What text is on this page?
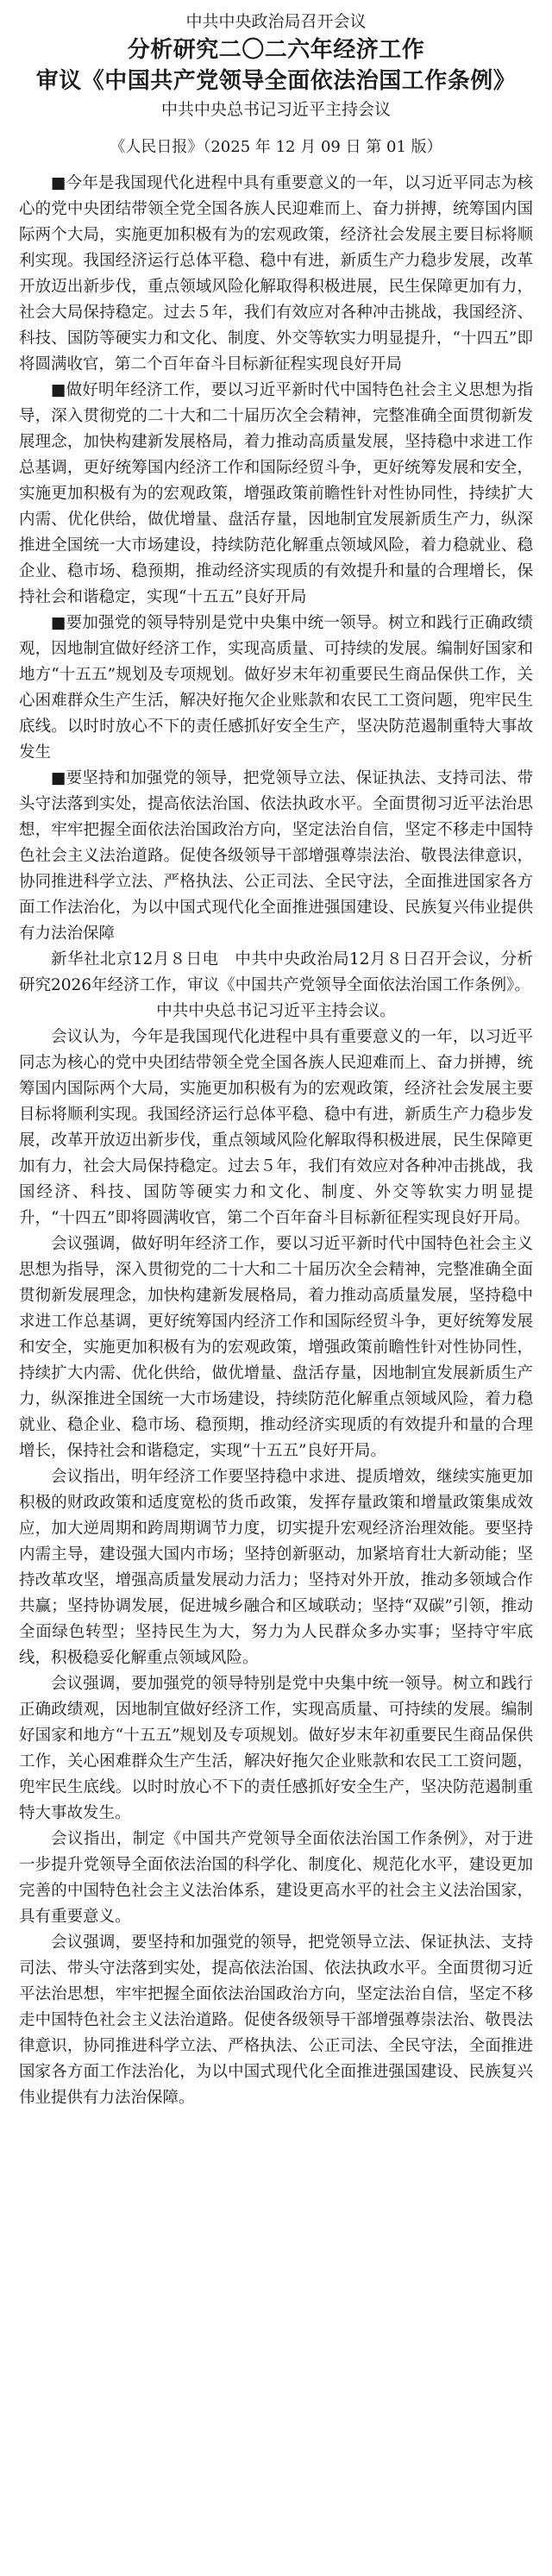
中共中央政治局召开会议

分析研究二〇二六年经济工作

审议《中国共产党领导全面依法治国工作条例》

中共中央总书记习近平主持会议

《人民日报》（2025 年 12 月 09 日 第 01 版）

■今年是我国现代化进程中具有重要意义的一年，以习近平同志为核心的党中央团结带领全党全国各族人民迎难而上、奋力拼搏，统筹国内国际两个大局，实施更加积极有为的宏观政策，经济社会发展主要目标将顺利实现。我国经济运行总体平稳、稳中有进，新质生产力稳步发展，改革开放迈出新步伐，重点领域风险化解取得积极进展，民生保障更加有力，社会大局保持稳定。过去５年，我们有效应对各种冲击挑战，我国经济、科技、国防等硬实力和文化、制度、外交等软实力明显提升，“十四五”即将圆满收官，第二个百年奋斗目标新征程实现良好开局

■做好明年经济工作，要以习近平新时代中国特色社会主义思想为指导，深入贯彻党的二十大和二十届历次全会精神，完整准确全面贯彻新发展理念，加快构建新发展格局，着力推动高质量发展，坚持稳中求进工作总基调，更好统筹国内经济工作和国际经贸斗争，更好统筹发展和安全，实施更加积极有为的宏观政策，增强政策前瞻性针对性协同性，持续扩大内需、优化供给，做优增量、盘活存量，因地制宜发展新质生产力，纵深推进全国统一大市场建设，持续防范化解重点领域风险，着力稳就业、稳企业、稳市场、稳预期，推动经济实现质的有效提升和量的合理增长，保持社会和谐稳定，实现“十五五”良好开局

■要加强党的领导特别是党中央集中统一领导。树立和践行正确政绩观，因地制宜做好经济工作，实现高质量、可持续的发展。编制好国家和地方“十五五”规划及专项规划。做好岁末年初重要民生商品保供工作，关心困难群众生产生活，解决好拖欠企业账款和农民工工资问题，兜牢民生底线。以时时放心不下的责任感抓好安全生产，坚决防范遏制重特大事故发生

■要坚持和加强党的领导，把党领导立法、保证执法、支持司法、带头守法落到实处，提高依法治国、依法执政水平。全面贯彻习近平法治思想，牢牢把握全面依法治国政治方向，坚定法治自信，坚定不移走中国特色社会主义法治道路。促使各级领导干部增强尊崇法治、敬畏法律意识，协同推进科学立法、严格执法、公正司法、全民守法，全面推进国家各方面工作法治化，为以中国式现代化全面推进强国建设、民族复兴伟业提供有力法治保障

新华社北京12月８日电　中共中央政治局12月８日召开会议，分析研究2026年经济工作，审议《中国共产党领导全面依法治国工作条例》。

中共中央总书记习近平主持会议。

会议认为，今年是我国现代化进程中具有重要意义的一年，以习近平同志为核心的党中央团结带领全党全国各族人民迎难而上、奋力拼搏，统筹国内国际两个大局，实施更加积极有为的宏观政策，经济社会发展主要目标将顺利实现。我国经济运行总体平稳、稳中有进，新质生产力稳步发展，改革开放迈出新步伐，重点领域风险化解取得积极进展，民生保障更加有力，社会大局保持稳定。过去５年，我们有效应对各种冲击挑战，我国经济、科技、国防等硬实力和文化、制度、外交等软实力明显提升，“十四五”即将圆满收官，第二个百年奋斗目标新征程实现良好开局。

会议强调，做好明年经济工作，要以习近平新时代中国特色社会主义思想为指导，深入贯彻党的二十大和二十届历次全会精神，完整准确全面贯彻新发展理念，加快构建新发展格局，着力推动高质量发展，坚持稳中求进工作总基调，更好统筹国内经济工作和国际经贸斗争，更好统筹发展和安全，实施更加积极有为的宏观政策，增强政策前瞻性针对性协同性，持续扩大内需、优化供给，做优增量、盘活存量，因地制宜发展新质生产力，纵深推进全国统一大市场建设，持续防范化解重点领域风险，着力稳就业、稳企业、稳市场、稳预期，推动经济实现质的有效提升和量的合理增长，保持社会和谐稳定，实现“十五五”良好开局。

会议指出，明年经济工作要坚持稳中求进、提质增效，继续实施更加积极的财政政策和适度宽松的货币政策，发挥存量政策和增量政策集成效应，加大逆周期和跨周期调节力度，切实提升宏观经济治理效能。要坚持内需主导，建设强大国内市场；坚持创新驱动，加紧培育壮大新动能；坚持改革攻坚，增强高质量发展动力活力；坚持对外开放，推动多领域合作共赢；坚持协调发展，促进城乡融合和区域联动；坚持“双碳”引领，推动全面绿色转型；坚持民生为大，努力为人民群众多办实事；坚持守牢底线，积极稳妥化解重点领域风险。

会议强调，要加强党的领导特别是党中央集中统一领导。树立和践行正确政绩观，因地制宜做好经济工作，实现高质量、可持续的发展。编制好国家和地方“十五五”规划及专项规划。做好岁末年初重要民生商品保供工作，关心困难群众生产生活，解决好拖欠企业账款和农民工工资问题，兜牢民生底线。以时时放心不下的责任感抓好安全生产，坚决防范遏制重特大事故发生。

会议指出，制定《中国共产党领导全面依法治国工作条例》，对于进一步提升党领导全面依法治国的科学化、制度化、规范化水平，建设更加完善的中国特色社会主义法治体系，建设更高水平的社会主义法治国家，具有重要意义。

会议强调，要坚持和加强党的领导，把党领导立法、保证执法、支持司法、带头守法落到实处，提高依法治国、依法执政水平。全面贯彻习近平法治思想，牢牢把握全面依法治国政治方向，坚定法治自信，坚定不移走中国特色社会主义法治道路。促使各级领导干部增强尊崇法治、敬畏法律意识，协同推进科学立法、严格执法、公正司法、全民守法，全面推进国家各方面工作法治化，为以中国式现代化全面推进强国建设、民族复兴伟业提供有力法治保障。
